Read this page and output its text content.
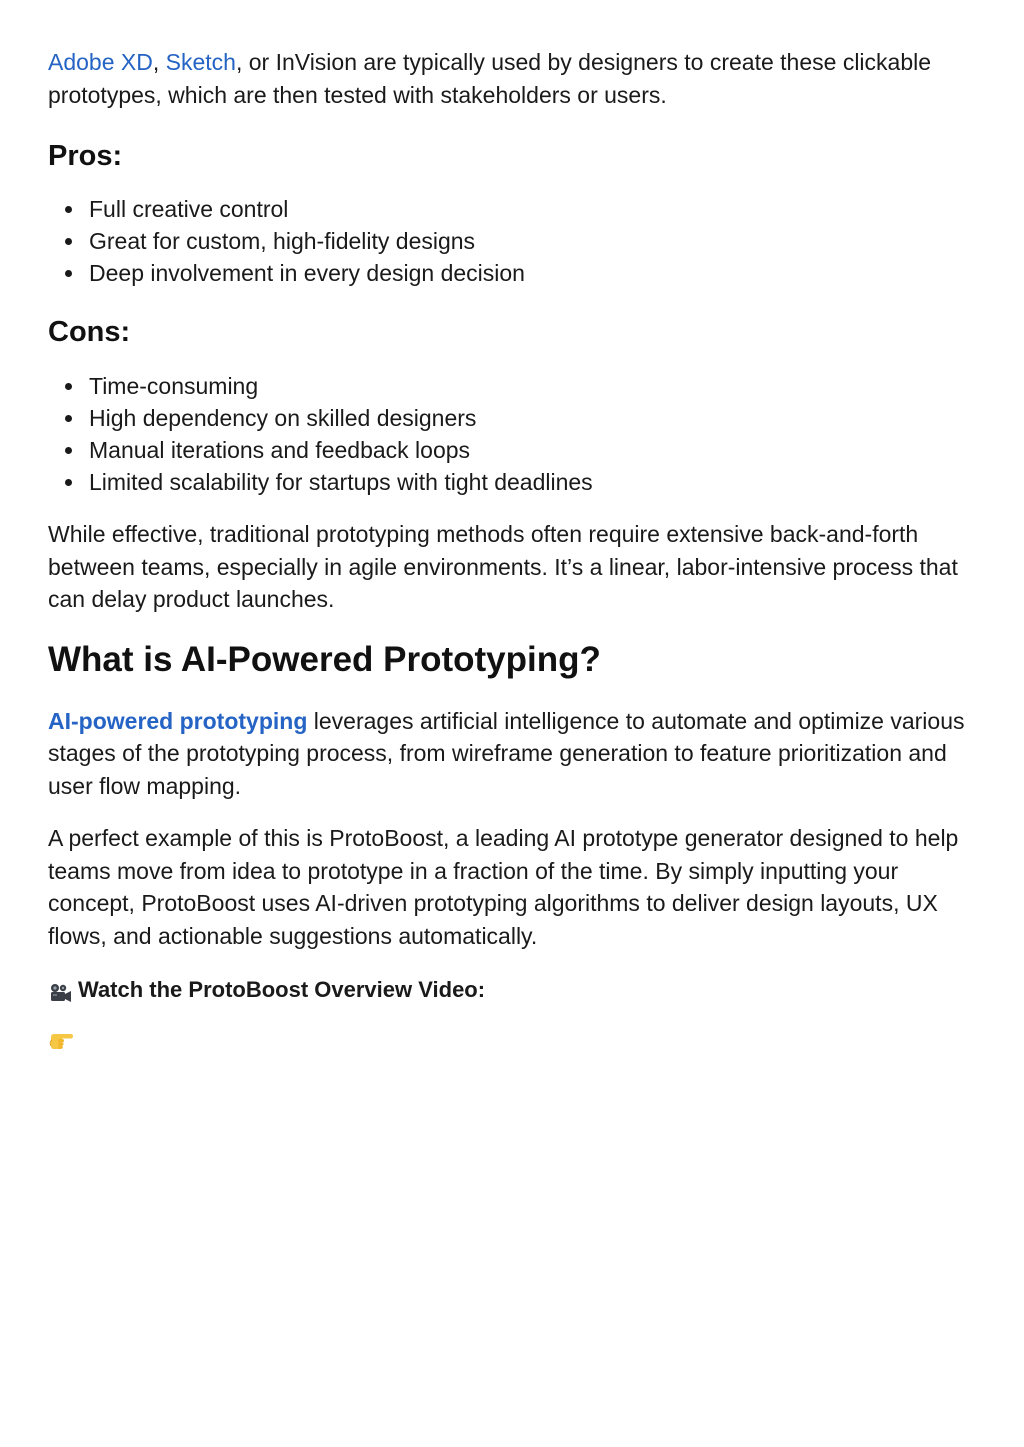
Adobe XD, Sketch, or InVision are typically used by designers to create these clickable prototypes, which are then tested with stakeholders or users.

Pros:
Full creative control
Great for custom, high-fidelity designs
Deep involvement in every design decision
Cons:
Time-consuming
High dependency on skilled designers
Manual iterations and feedback loops
Limited scalability for startups with tight deadlines

While effective, traditional prototyping methods often require extensive back-and-forth between teams, especially in agile environments. It’s a linear, labor-intensive process that can delay product launches.

What is AI-Powered Prototyping?

AI-powered prototyping leverages artificial intelligence to automate and optimize various stages of the prototyping process, from wireframe generation to feature prioritization and user flow mapping.

A perfect example of this is ProtoBoost, a leading AI prototype generator designed to help teams move from idea to prototype in a fraction of the time. By simply inputting your concept, ProtoBoost uses AI-driven prototyping algorithms to deliver design layouts, UX flows, and actionable suggestions automatically.

Watch the ProtoBoost Overview Video:
